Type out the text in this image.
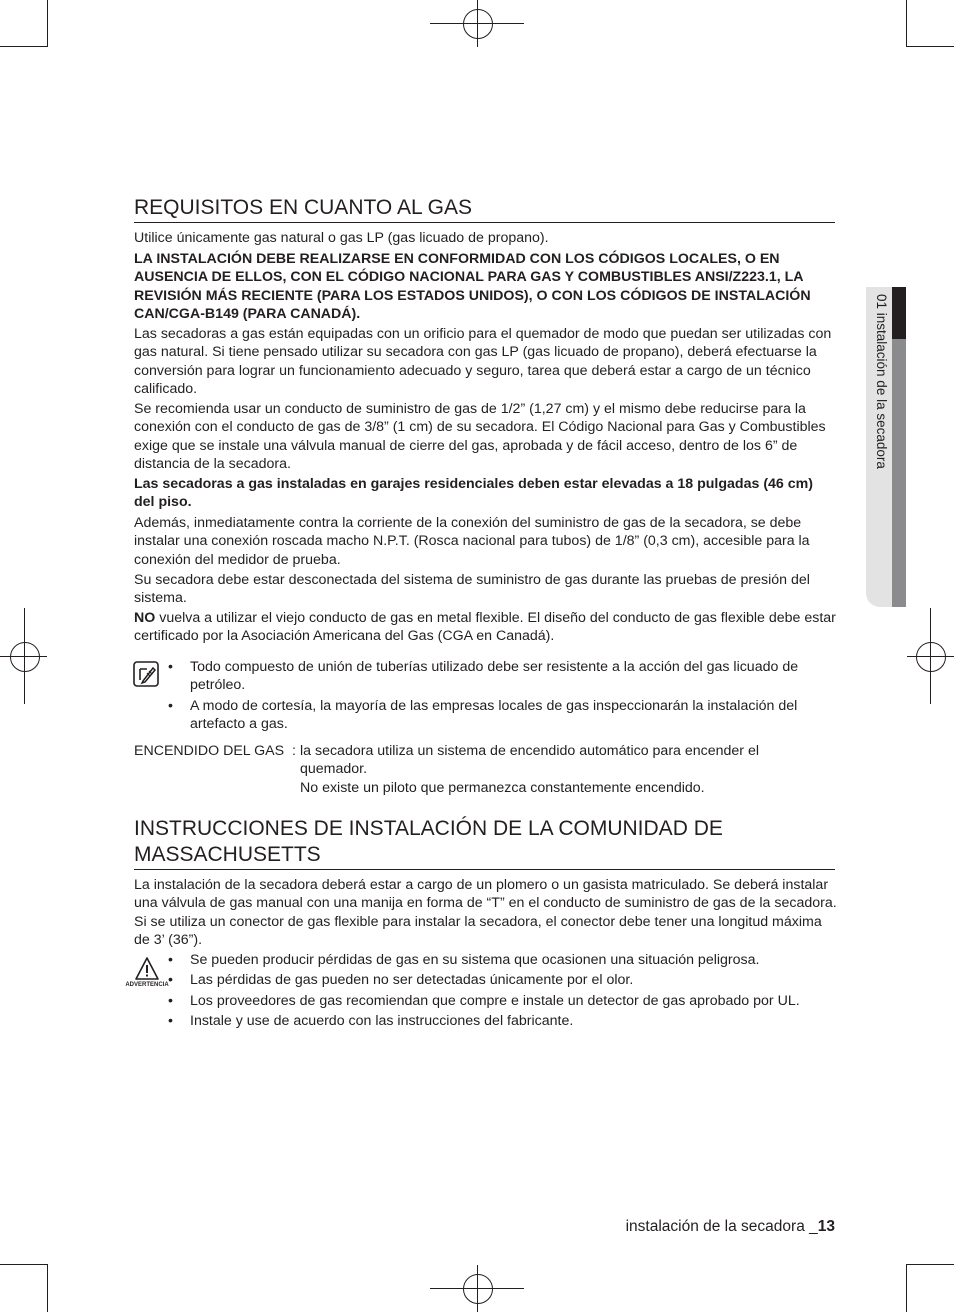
01 instalación de la secadora
REQUISITOS EN CUANTO AL GAS

Utilice únicamente gas natural o gas LP (gas licuado de propano).

LA INSTALACIÓN DEBE REALIZARSE EN CONFORMIDAD CON LOS CÓDIGOS LOCALES, O EN AUSENCIA DE ELLOS, CON EL CÓDIGO NACIONAL PARA GAS Y COMBUSTIBLES ANSI/Z223.1, LA REVISIÓN MÁS RECIENTE (PARA LOS ESTADOS UNIDOS), O CON LOS CÓDIGOS DE INSTALACIÓN CAN/CGA-B149 (PARA CANADÁ).

Las secadoras a gas están equipadas con un orificio para el quemador de modo que puedan ser utilizadas con gas natural. Si tiene pensado utilizar su secadora con gas LP (gas licuado de propano), deberá efectuarse la conversión para lograr un funcionamiento adecuado y seguro, tarea que deberá estar a cargo de un técnico calificado.

Se recomienda usar un conducto de suministro de gas de 1/2” (1,27 cm) y el mismo debe reducirse para la conexión con el conducto de gas de 3/8” (1 cm) de su secadora. El Código Nacional para Gas y Combustibles exige que se instale una válvula manual de cierre del gas, aprobada y de fácil acceso, dentro de los 6” de distancia de la secadora.

Las secadoras a gas instaladas en garajes residenciales deben estar elevadas a 18 pulgadas (46 cm) del piso.

Además, inmediatamente contra la corriente de la conexión del suministro de gas de la secadora, se debe instalar una conexión roscada macho N.P.T. (Rosca nacional para tubos) de 1/8” (0,3 cm), accesible para la conexión del medidor de prueba.

Su secadora debe estar desconectada del sistema de suministro de gas durante las pruebas de presión del sistema.

NO vuelva a utilizar el viejo conducto de gas en metal flexible. El diseño del conducto de gas flexible debe estar certificado por la Asociación Americana del Gas (CGA en Canadá).

• Todo compuesto de unión de tuberías utilizado debe ser resistente a la acción del gas licuado de petróleo.
• A modo de cortesía, la mayoría de las empresas locales de gas inspeccionarán la instalación del artefacto a gas.
ENCENDIDO DEL GAS : la secadora utiliza un sistema de encendido automático para encender el quemador.
No existe un piloto que permanezca constantemente encendido.
INSTRUCCIONES DE INSTALACIÓN DE LA COMUNIDAD DE MASSACHUSETTS

La instalación de la secadora deberá estar a cargo de un plomero o un gasista matriculado. Se deberá instalar una válvula de gas manual con una manija en forma de “T” en el conducto de suministro de gas de la secadora. Si se utiliza un conector de gas flexible para instalar la secadora, el conector debe tener una longitud máxima de 3’ (36”).

ADVERTENCIA
• Se pueden producir pérdidas de gas en su sistema que ocasionen una situación peligrosa.
• Las pérdidas de gas pueden no ser detectadas únicamente por el olor.
• Los proveedores de gas recomiendan que compre e instale un detector de gas aprobado por UL.
• Instale y use de acuerdo con las instrucciones del fabricante.
instalación de la secadora _13
